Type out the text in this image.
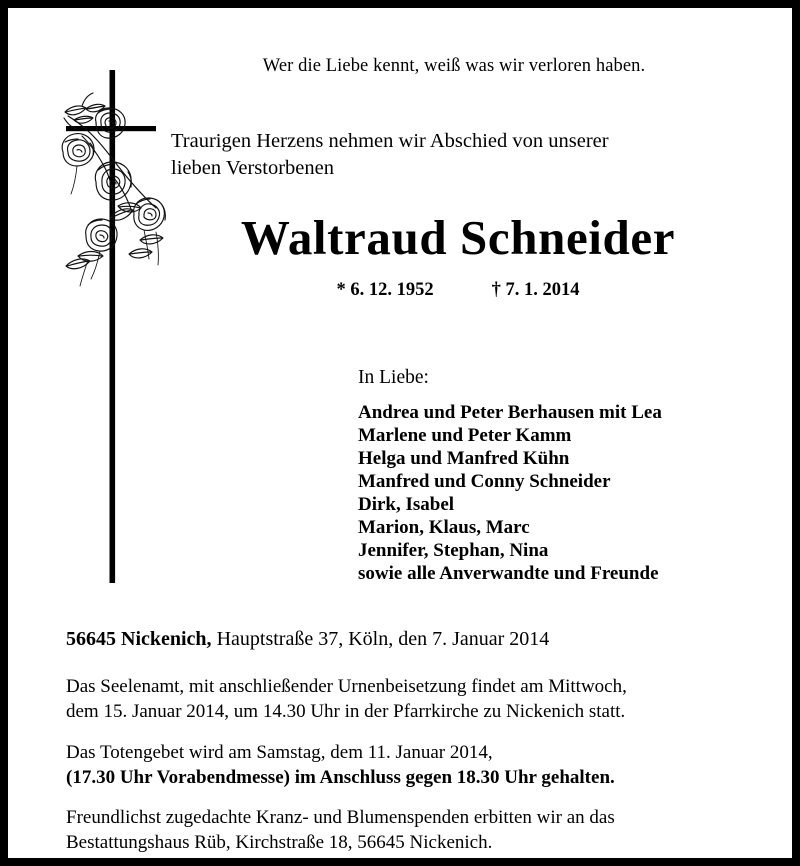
Wer die Liebe kennt, weiß was wir verloren haben.
Traurigen Herzens nehmen wir Abschied von unserer
lieben Verstorbenen
Waltraud Schneider
* 6. 12. 1952	† 7. 1. 2014
In Liebe:
Andrea und Peter Berhausen mit Lea
Marlene und Peter Kamm
Helga und Manfred Kühn
Manfred und Conny Schneider
Dirk, Isabel
Marion, Klaus, Marc
Jennifer, Stephan, Nina
sowie alle Anverwandte und Freunde
56645 Nickenich, Hauptstraße 37, Köln, den 7. Januar 2014
Das Seelenamt, mit anschließender Urnenbeisetzung findet am Mittwoch,
dem 15. Januar 2014, um 14.30 Uhr in der Pfarrkirche zu Nickenich statt.
Das Totengebet wird am Samstag, dem 11. Januar 2014,
(17.30 Uhr Vorabendmesse) im Anschluss gegen 18.30 Uhr gehalten.
Freundlichst zugedachte Kranz- und Blumenspenden erbitten wir an das
Bestattungshaus Rüb, Kirchstraße 18, 56645 Nickenich.
